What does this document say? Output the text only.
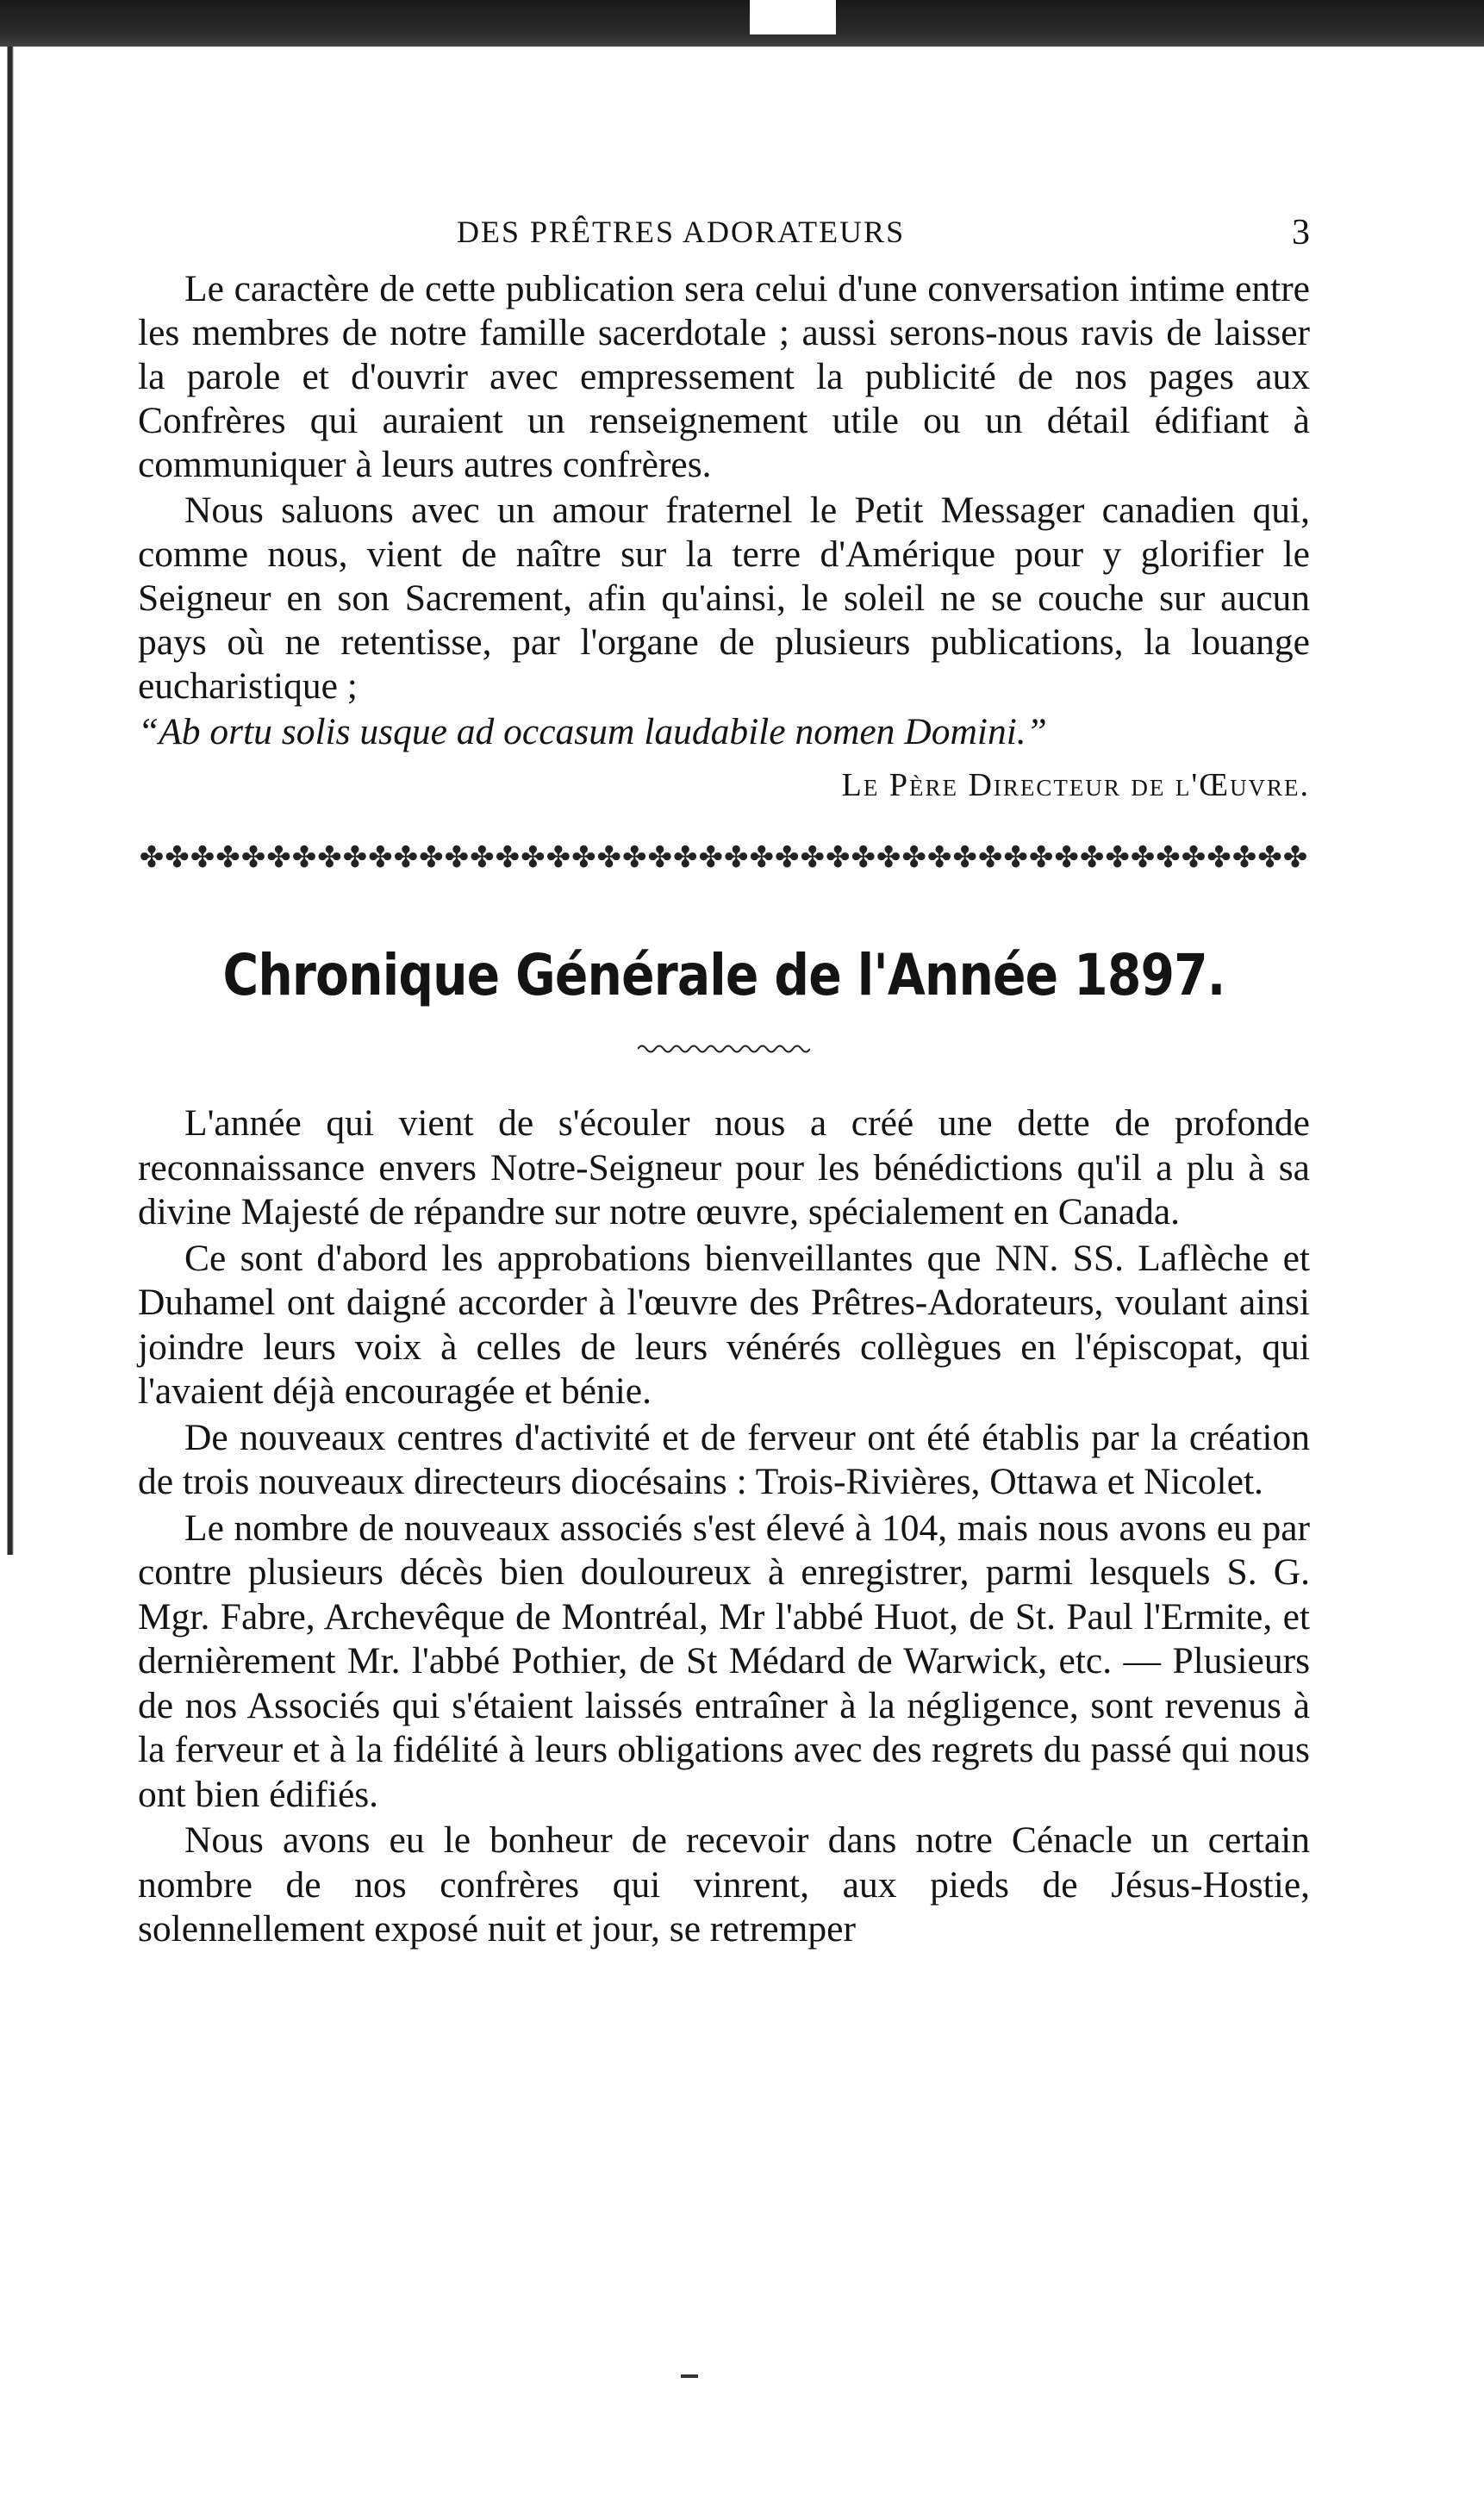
DES PRÊTRES ADORATEURS	3

Le caractère de cette publication sera celui d'une conversation intime entre les membres de notre famille sacerdotale ; aussi serons-nous ravis de laisser la parole et d'ouvrir avec empressement la publicité de nos pages aux Confrères qui auraient un renseignement utile ou un détail édifiant à communiquer à leurs autres confrères.

Nous saluons avec un amour fraternel le Petit Messager canadien qui, comme nous, vient de naître sur la terre d'Amérique pour y glorifier le Seigneur en son Sacrement, afin qu'ainsi, le soleil ne se couche sur aucun pays où ne retentisse, par l'organe de plusieurs publications, la louange eucharistique ;

“Ab ortu solis usque ad occasum laudabile nomen Domini.”

Le Père Directeur de l'Œuvre.
✤✤✤✤✤✤✤✤✤✤✤✤✤✤✤✤✤✤✤✤✤✤✤✤✤✤✤✤✤✤✤✤✤✤✤✤✤✤✤✤✤✤✤✤✤✤
Chronique Générale de l'Année 1897.

L'année qui vient de s'écouler nous a créé une dette de profonde reconnaissance envers Notre-Seigneur pour les bénédictions qu'il a plu à sa divine Majesté de répandre sur notre œuvre, spécialement en Canada.

Ce sont d'abord les approbations bienveillantes que NN. SS. Laflèche et Duhamel ont daigné accorder à l'œuvre des Prêtres-Adorateurs, voulant ainsi joindre leurs voix à celles de leurs vénérés collègues en l'épiscopat, qui l'avaient déjà encouragée et bénie.

De nouveaux centres d'activité et de ferveur ont été établis par la création de trois nouveaux directeurs diocésains : Trois-Rivières, Ottawa et Nicolet.

Le nombre de nouveaux associés s'est élevé à 104, mais nous avons eu par contre plusieurs décès bien douloureux à enregistrer, parmi lesquels S. G. Mgr. Fabre, Archevêque de Montréal, Mr l'abbé Huot, de St. Paul l'Ermite, et dernièrement Mr. l'abbé Pothier, de St Médard de Warwick, etc. — Plusieurs de nos Associés qui s'étaient laissés entraîner à la négligence, sont revenus à la ferveur et à la fidélité à leurs obligations avec des regrets du passé qui nous ont bien édifiés.

Nous avons eu le bonheur de recevoir dans notre Cénacle un certain nombre de nos confrères qui vinrent, aux pieds de Jésus-Hostie, solennellement exposé nuit et jour, se retremper
